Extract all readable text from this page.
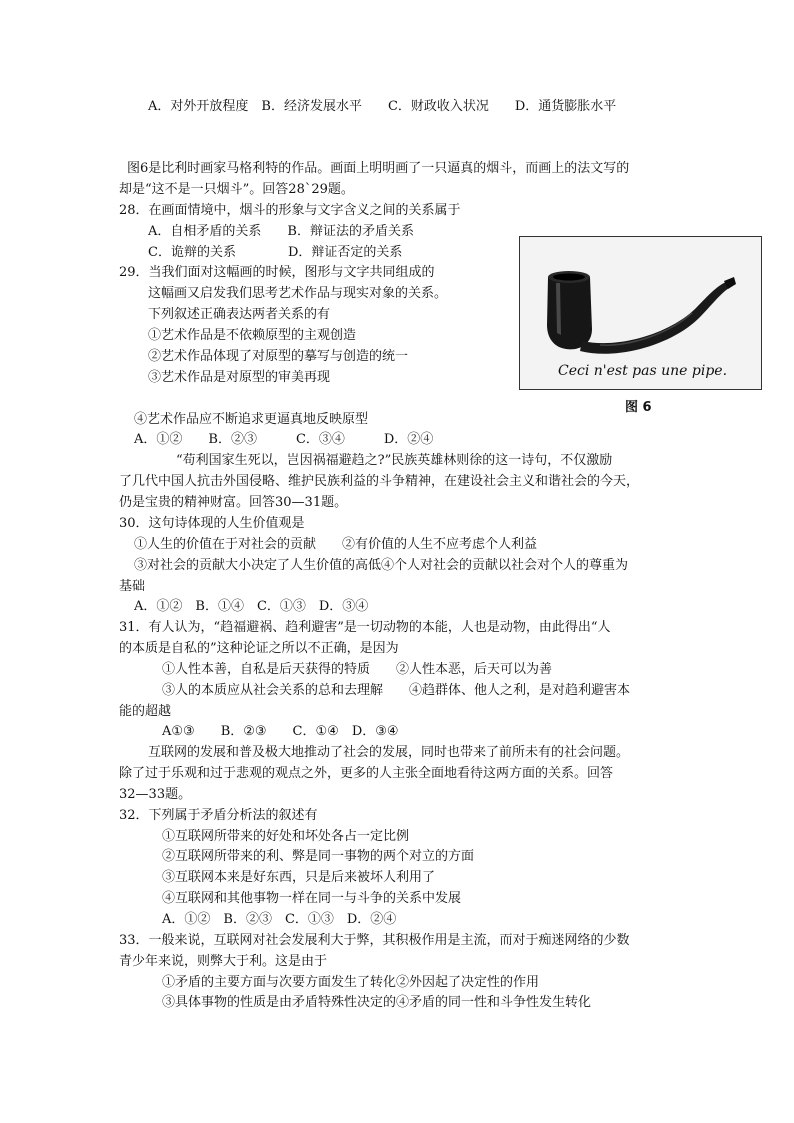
A．对外开放程度　B．经济发展水平　　C．财政收入状况　　D．通货膨胀水平
图6是比利时画家马格利特的作品。画面上明明画了一只逼真的烟斗，而画上的法文写的
却是“这不是一只烟斗”。回答28`29题。
28．在画面情境中，烟斗的形象与文字含义之间的关系属于
A．自相矛盾的关系　　B．辩证法的矛盾关系
C．诡辩的关系　　　　D．辩证否定的关系
29．当我们面对这幅画的时候，图形与文字共同组成的
这幅画又启发我们思考艺术作品与现实对象的关系。
下列叙述正确表达两者关系的有
①艺术作品是不依赖原型的主观创造
②艺术作品体现了对原型的摹写与创造的统一
③艺术作品是对原型的审美再现	Ceci n'est pas une pipe.
图 6
④艺术作品应不断追求更逼真地反映原型
A．①②　　B．②③　　　C．③④　　　D．②④
“苟利国家生死以，岂因祸福避趋之?”民族英雄林则徐的这一诗句，不仅激励
了几代中国人抗击外国侵略、维护民族利益的斗争精神，在建设社会主义和谐社会的今天，
仍是宝贵的精神财富。回答30—31题。
30．这句诗体现的人生价值观是
①人生的价值在于对社会的贡献　　②有价值的人生不应考虑个人利益
③对社会的贡献大小决定了人生价值的高低④个人对社会的贡献以社会对个人的尊重为
基础
A．①②　B．①④　C．①③　D．③④
31．有人认为，“趋福避祸、趋利避害”是一切动物的本能，人也是动物，由此得出“人
的本质是自私的”这种论证之所以不正确，是因为
①人性本善，自私是后天获得的特质　　②人性本恶，后天可以为善
③人的本质应从社会关系的总和去理解　　④趋群体、他人之利，是对趋利避害本
能的超越
A①③　　B．②③　　C．①④　D．③④
互联网的发展和普及极大地推动了社会的发展，同时也带来了前所未有的社会问题。
除了过于乐观和过于悲观的观点之外，更多的人主张全面地看待这两方面的关系。回答
32—33题。
32．下列属于矛盾分析法的叙述有
①互联网所带来的好处和坏处各占一定比例
②互联网所带来的利、弊是同一事物的两个对立的方面
③互联网本来是好东西，只是后来被坏人利用了
④互联网和其他事物一样在同一与斗争的关系中发展
A．①②　B．②③　C．①③　D．②④
33．一般来说，互联网对社会发展利大于弊，其积极作用是主流，而对于痴迷网络的少数
青少年来说，则弊大于利。这是由于
①矛盾的主要方面与次要方面发生了转化②外因起了决定性的作用
③具体事物的性质是由矛盾特殊性决定的④矛盾的同一性和斗争性发生转化
